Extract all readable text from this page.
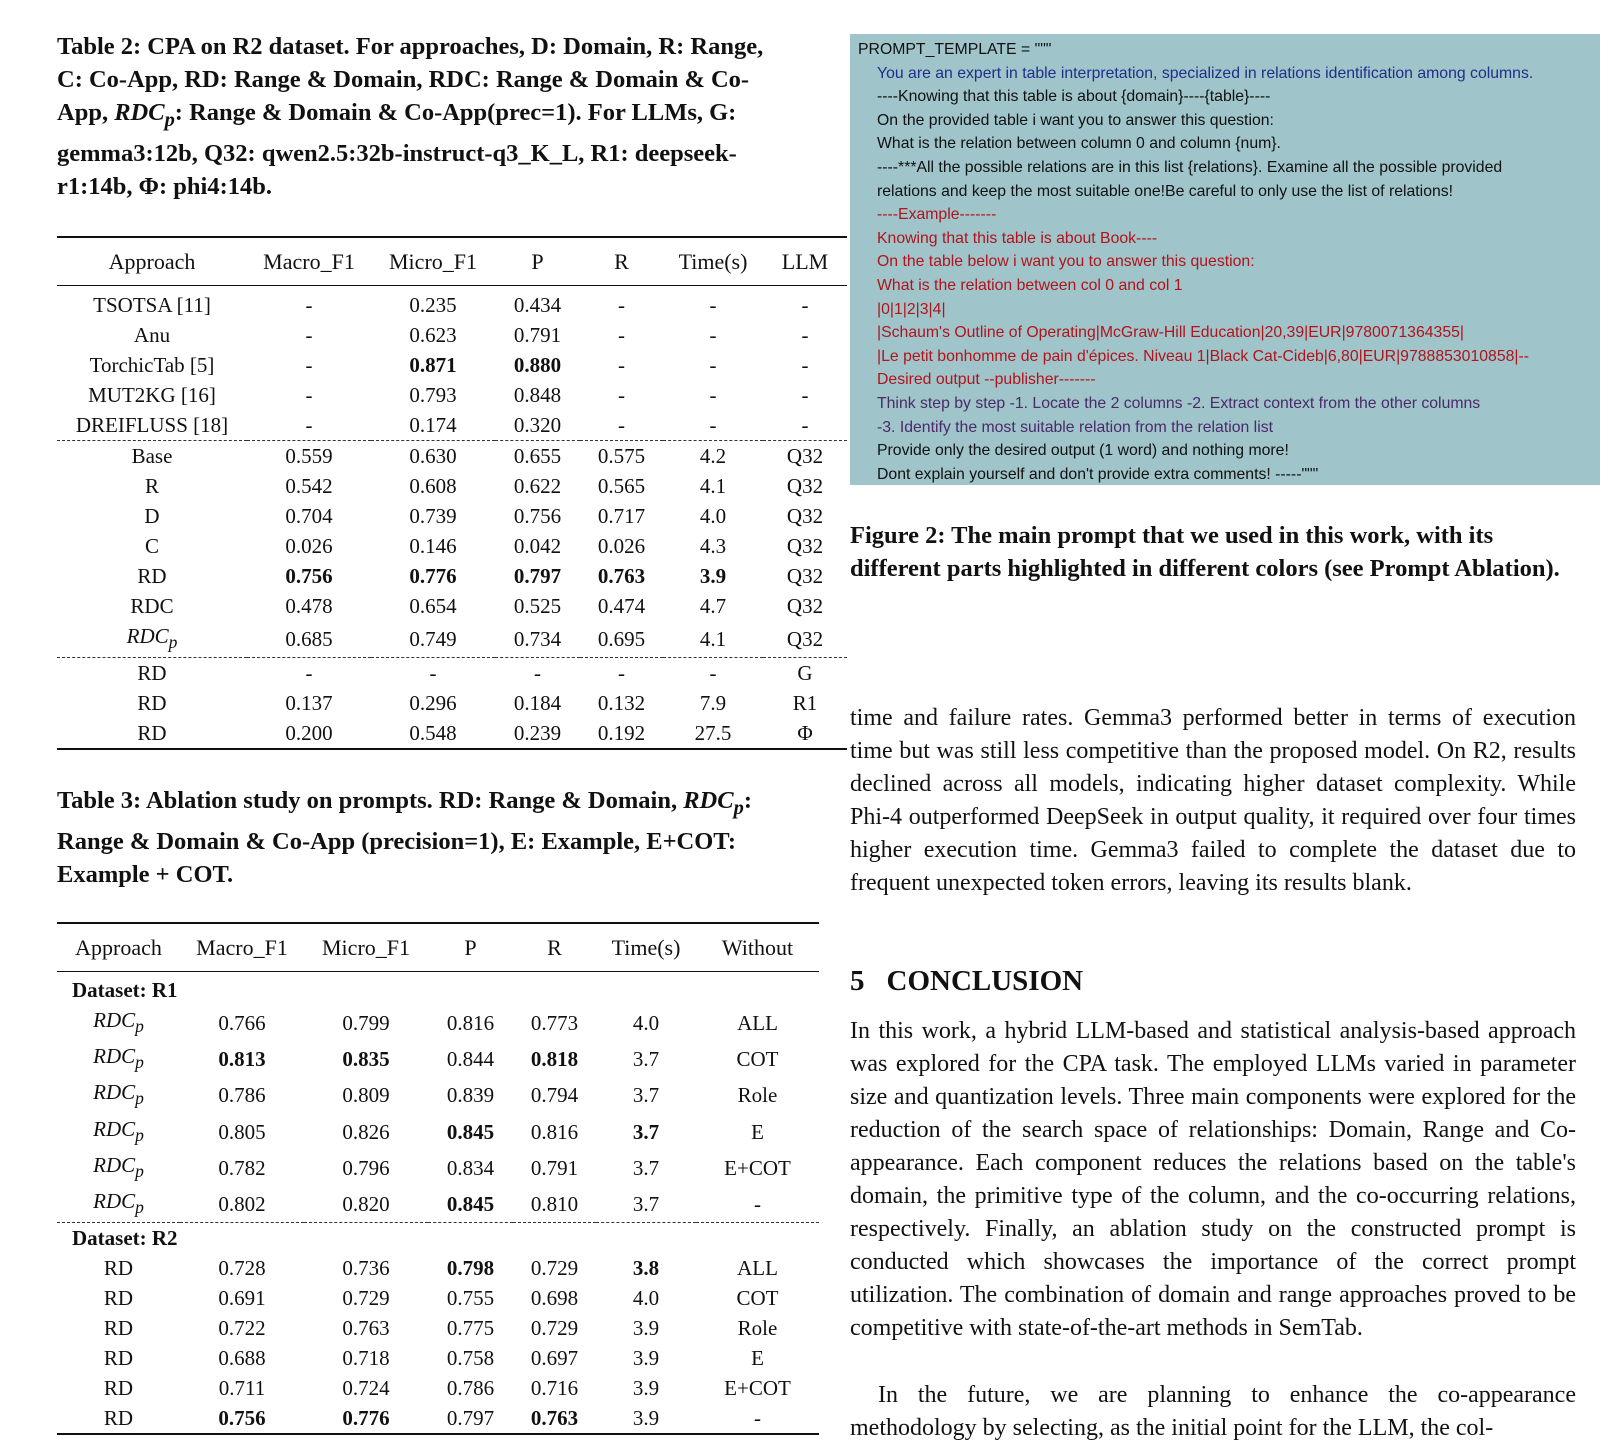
Table 2: CPA on R2 dataset. For approaches, D: Domain, R: Range, C: Co-App, RD: Range & Domain, RDC: Range & Domain & Co-App, $RDC_p$: Range & Domain & Co-App(prec=1). For LLMs, G: gemma3:12b, Q32: qwen2.5:32b-instruct-q3_K_L, R1: deepseek-r1:14b, Φ: phi4:14b.

Approach	Macro_F1	Micro_F1	P	R	Time(s)	LLM
TSOTSA [11]	-	0.235	0.434	-	-	-
Anu	-	0.623	0.791	-	-	-
TorchicTab [5]	-	0.871	0.880	-	-	-
MUT2KG [16]	-	0.793	0.848	-	-	-
DREIFLUSS [18]	-	0.174	0.320	-	-	-
Base	0.559	0.630	0.655	0.575	4.2	Q32
R	0.542	0.608	0.622	0.565	4.1	Q32
D	0.704	0.739	0.756	0.717	4.0	Q32
C	0.026	0.146	0.042	0.026	4.3	Q32
RD	0.756	0.776	0.797	0.763	3.9	Q32
RDC	0.478	0.654	0.525	0.474	4.7	Q32
$RDC_p$	0.685	0.749	0.734	0.695	4.1	Q32
RD	-	-	-	-	-	G
RD	0.137	0.296	0.184	0.132	7.9	R1
RD	0.200	0.548	0.239	0.192	27.5	Φ

Table 3: Ablation study on prompts. RD: Range & Domain, $RDC_p$: Range & Domain & Co-App (precision=1), E: Example, E+COT: Example + COT.

Approach	Macro_F1	Micro_F1	P	R	Time(s)	Without
Dataset: R1						
$RDC_p$	0.766	0.799	0.816	0.773	4.0	ALL
$RDC_p$	0.813	0.835	0.844	0.818	3.7	COT
$RDC_p$	0.786	0.809	0.839	0.794	3.7	Role
$RDC_p$	0.805	0.826	0.845	0.816	3.7	E
$RDC_p$	0.782	0.796	0.834	0.791	3.7	E+COT
$RDC_p$	0.802	0.820	0.845	0.810	3.7	-
Dataset: R2						
RD	0.728	0.736	0.798	0.729	3.8	ALL
RD	0.691	0.729	0.755	0.698	4.0	COT
RD	0.722	0.763	0.775	0.729	3.9	Role
RD	0.688	0.718	0.758	0.697	3.9	E
RD	0.711	0.724	0.786	0.716	3.9	E+COT
RD	0.756	0.776	0.797	0.763	3.9	-
PROMPT_TEMPLATE = """
You are an expert in table interpretation, specialized in relations identification among columns.
----Knowing that this table is about {domain}----{table}----
On the provided table i want you to answer this question:
What is the relation between column 0 and column {num}.
----***All the possible relations are in this list {relations}. Examine all the possible provided
relations and keep the most suitable one!Be careful to only use the list of relations!
----Example-------
Knowing that this table is about Book----
On the table below i want you to answer this question:
What is the relation between col 0 and col 1
|0|1|2|3|4|
|Schaum's Outline of Operating|McGraw-Hill Education|20,39|EUR|9780071364355|
|Le petit bonhomme de pain d'épices. Niveau 1|Black Cat-Cideb|6,80|EUR|9788853010858|--
Desired output --publisher-------
Think step by step -1. Locate the 2 columns -2. Extract context from the other columns
-3. Identify the most suitable relation from the relation list
Provide only the desired output (1 word) and nothing more!
Dont explain yourself and don't provide extra comments! -----"""

Figure 2: The main prompt that we used in this work, with its different parts highlighted in different colors (see Prompt Ablation).

time and failure rates. Gemma3 performed better in terms of execution time but was still less competitive than the proposed model. On R2, results declined across all models, indicating higher dataset complexity. While Phi-4 outperformed DeepSeek in output quality, it required over four times higher execution time. Gemma3 failed to complete the dataset due to frequent unexpected token errors, leaving its results blank.

5 CONCLUSION

In this work, a hybrid LLM-based and statistical analysis-based approach was explored for the CPA task. The employed LLMs varied in parameter size and quantization levels. Three main components were explored for the reduction of the search space of relationships: Domain, Range and Co-appearance. Each component reduces the relations based on the table's domain, the primitive type of the column, and the co-occurring relations, respectively. Finally, an ablation study on the constructed prompt is conducted which showcases the importance of the correct prompt utilization. The combination of domain and range approaches proved to be competitive with state-of-the-art methods in SemTab.

In the future, we are planning to enhance the co-appearance methodology by selecting, as the initial point for the LLM, the col-
